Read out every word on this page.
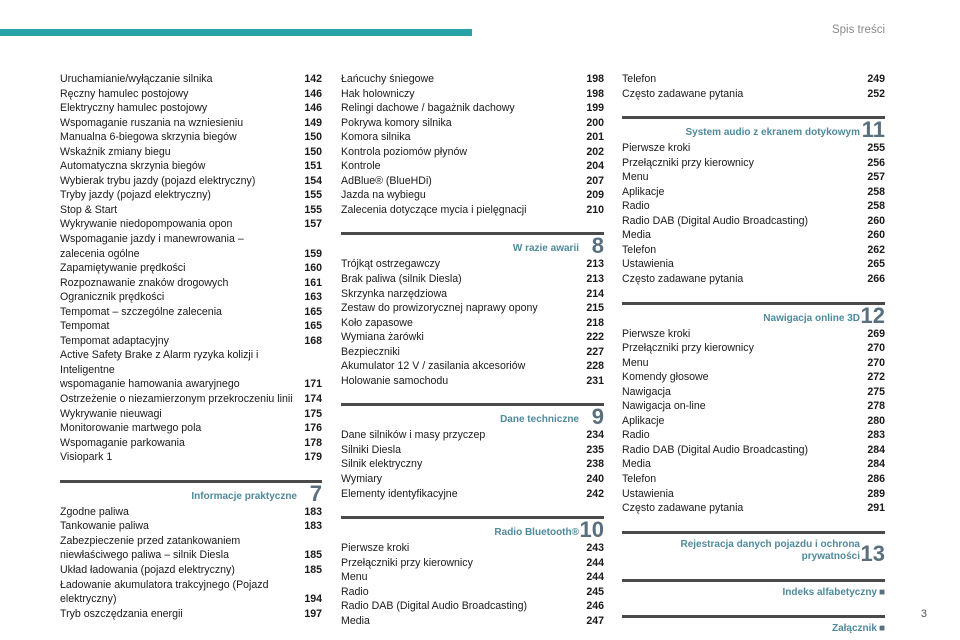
Spis treści
Uruchamianie/wyłączanie silnika	142
Ręczny hamulec postojowy	146
Elektryczny hamulec postojowy	146
Wspomaganie ruszania na wzniesieniu	149
Manualna 6-biegowa skrzynia biegów	150
Wskaźnik zmiany biegu	150
Automatyczna skrzynia biegów	151
Wybierak trybu jazdy (pojazd elektryczny)	154
Tryby jazdy (pojazd elektryczny)	155
Stop & Start	155
Wykrywanie niedopompowania opon	157
Wspomaganie jazdy i manewrowania –
zalecenia ogólne	159
Zapamiętywanie prędkości	160
Rozpoznawanie znaków drogowych	161
Ogranicznik prędkości	163
Tempomat – szczególne zalecenia	165
Tempomat	165
Tempomat adaptacyjny	168
Active Safety Brake z Alarm ryzyka kolizji i Inteligentne
wspomaganie hamowania awaryjnego	171
Ostrzeżenie o niezamierzonym przekroczeniu linii	174
Wykrywanie nieuwagi	175
Monitorowanie martwego pola	176
Wspomaganie parkowania	178
Visiopark 1	179
Informacje praktyczne 7
Zgodne paliwa	183
Tankowanie paliwa	183
Zabezpieczenie przed zatankowaniem
niewłaściwego paliwa – silnik Diesla	185
Układ ładowania (pojazd elektryczny)	185
Ładowanie akumulatora trakcyjnego (Pojazd
elektryczny)	194
Tryb oszczędzania energii	197
Łańcuchy śniegowe	198
Hak holowniczy	198
Relingi dachowe / bagażnik dachowy	199
Pokrywa komory silnika	200
Komora silnika	201
Kontrola poziomów płynów	202
Kontrole	204
AdBlue® (BlueHDi)	207
Jazda na wybiegu	209
Zalecenia dotyczące mycia i pielęgnacji	210
W razie awarii 8
Trójkąt ostrzegawczy	213
Brak paliwa (silnik Diesla)	213
Skrzynka narzędziowa	214
Zestaw do prowizorycznej naprawy opony	215
Koło zapasowe	218
Wymiana żarówki	222
Bezpieczniki	227
Akumulator 12 V / zasilania akcesoriów	228
Holowanie samochodu	231
Dane techniczne 9
Dane silników i masy przyczep	234
Silniki Diesla	235
Silnik elektryczny	238
Wymiary	240
Elementy identyfikacyjne	242
Radio Bluetooth® 10
Pierwsze kroki	243
Przełączniki przy kierownicy	244
Menu	244
Radio	245
Radio DAB (Digital Audio Broadcasting)	246
Media	247
Telefon	249
Często zadawane pytania	252
System audio z ekranem dotykowym 11
Pierwsze kroki	255
Przełączniki przy kierownicy	256
Menu	257
Aplikacje	258
Radio	258
Radio DAB (Digital Audio Broadcasting)	260
Media	260
Telefon	262
Ustawienia	265
Często zadawane pytania	266
Nawigacja online 3D 12
Pierwsze kroki	269
Przełączniki przy kierownicy	270
Menu	270
Komendy głosowe	272
Nawigacja	275
Nawigacja on-line	278
Aplikacje	280
Radio	283
Radio DAB (Digital Audio Broadcasting)	284
Media	284
Telefon	286
Ustawienia	289
Często zadawane pytania	291
Rejestracja danych pojazdu i ochrona prywatności 13
Indeks alfabetyczny ■
Załącznik ■
3
